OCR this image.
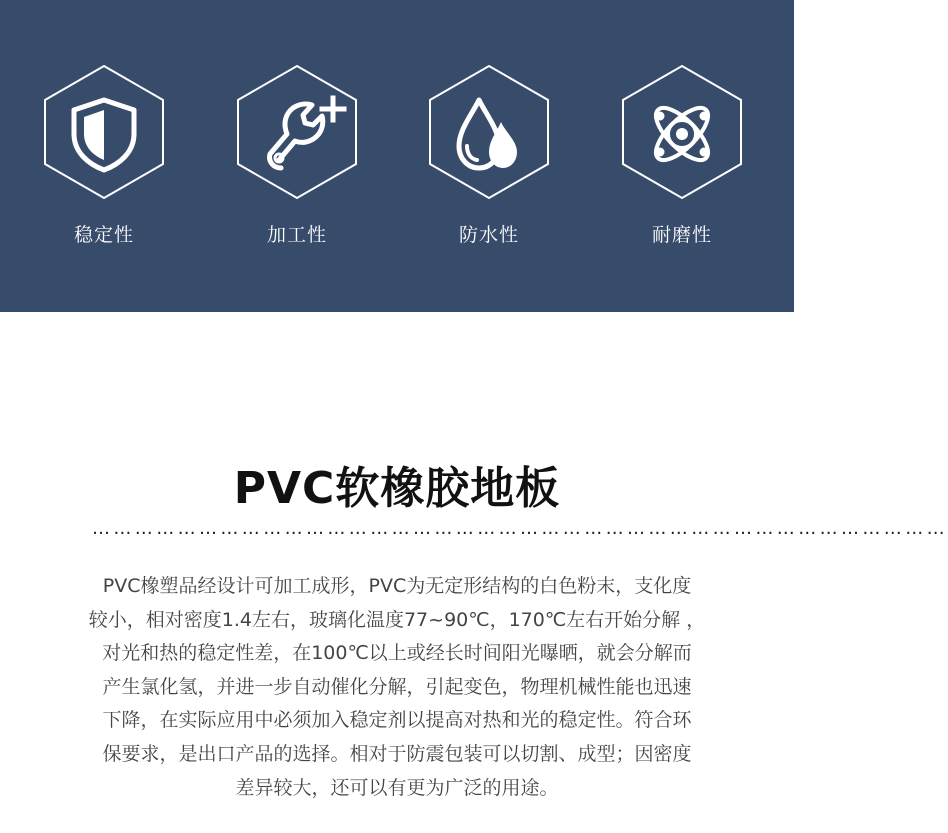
稳定性	加工性	防水性	耐磨性
PVC软橡胶地板
…………………………………………………………………………………………………………
PVC橡塑品经设计可加工成形，PVC为无定形结构的白色粉末，支化度
较小，相对密度1.4左右，玻璃化温度77~90℃，170℃左右开始分解 ，
对光和热的稳定性差，在100℃以上或经长时间阳光曝晒，就会分解而
产生氯化氢，并进一步自动催化分解，引起变色，物理机械性能也迅速
下降，在实际应用中必须加入稳定剂以提高对热和光的稳定性。符合环
保要求，是出口产品的选择。相对于防震包装可以切割、成型；因密度
差异较大，还可以有更为广泛的用途。
